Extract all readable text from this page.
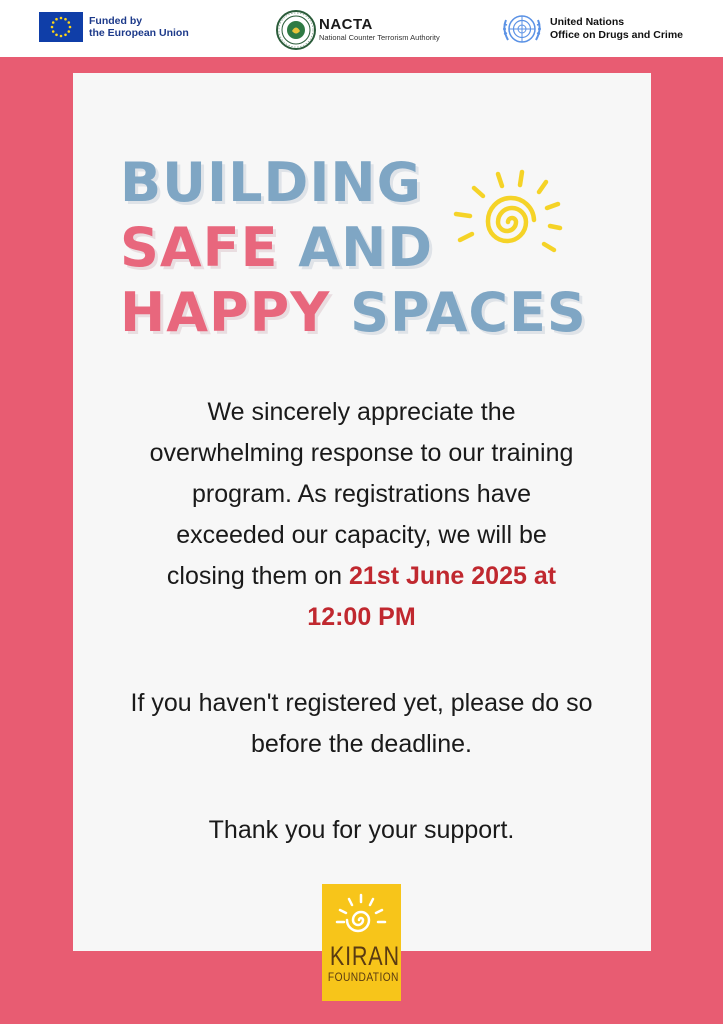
Funded by
the European Union	NACTA
National Counter Terrorism Authority
United Nations
Office on Drugs and Crime
BUILDING
SAFE AND
HAPPY SPACES
We sincerely appreciate the
overwhelming response to our training
program. As registrations have
exceeded our capacity, we will be
closing them on 21st June 2025 at
12:00 PM
If you haven't registered yet, please do so
before the deadline.
Thank you for your support.
KIRAN
FOUNDATION
